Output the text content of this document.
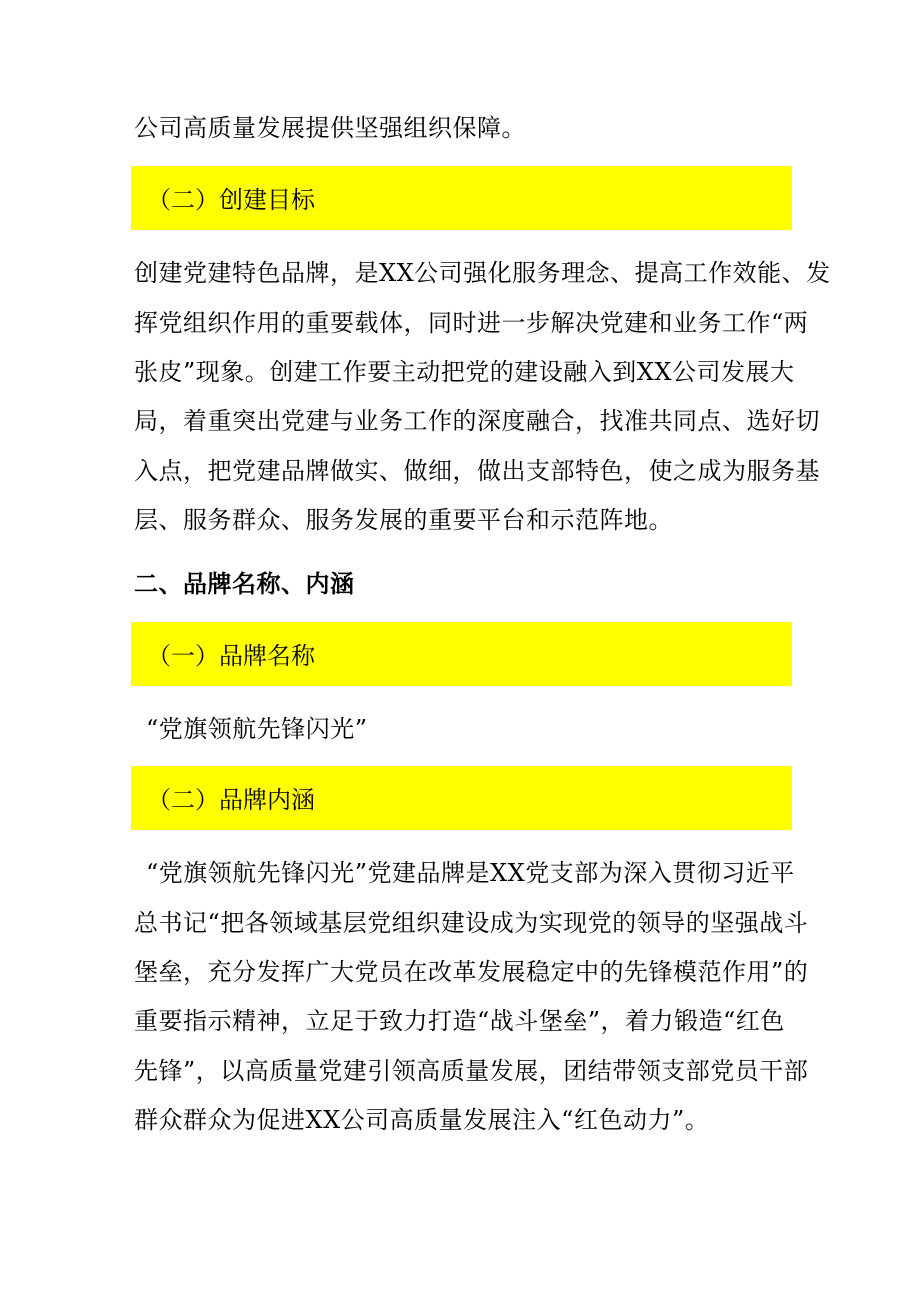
公司高质量发展提供坚强组织保障。
（二）创建目标
创建党建特色品牌，是XX公司强化服务理念、提高工作效能、发
挥党组织作用的重要载体，同时进一步解决党建和业务工作“两
张皮”现象。创建工作要主动把党的建设融入到XX公司发展大
局，着重突出党建与业务工作的深度融合，找准共同点、选好切
入点，把党建品牌做实、做细，做出支部特色，使之成为服务基
层、服务群众、服务发展的重要平台和示范阵地。
二、品牌名称、内涵
（一）品牌名称
“党旗领航先锋闪光”
（二）品牌内涵
“党旗领航先锋闪光”党建品牌是XX党支部为深入贯彻习近平
总书记“把各领域基层党组织建设成为实现党的领导的坚强战斗
堡垒，充分发挥广大党员在改革发展稳定中的先锋模范作用”的
重要指示精神，立足于致力打造“战斗堡垒”，着力锻造“红色
先锋”，以高质量党建引领高质量发展，团结带领支部党员干部
群众群众为促进XX公司高质量发展注入“红色动力”。
